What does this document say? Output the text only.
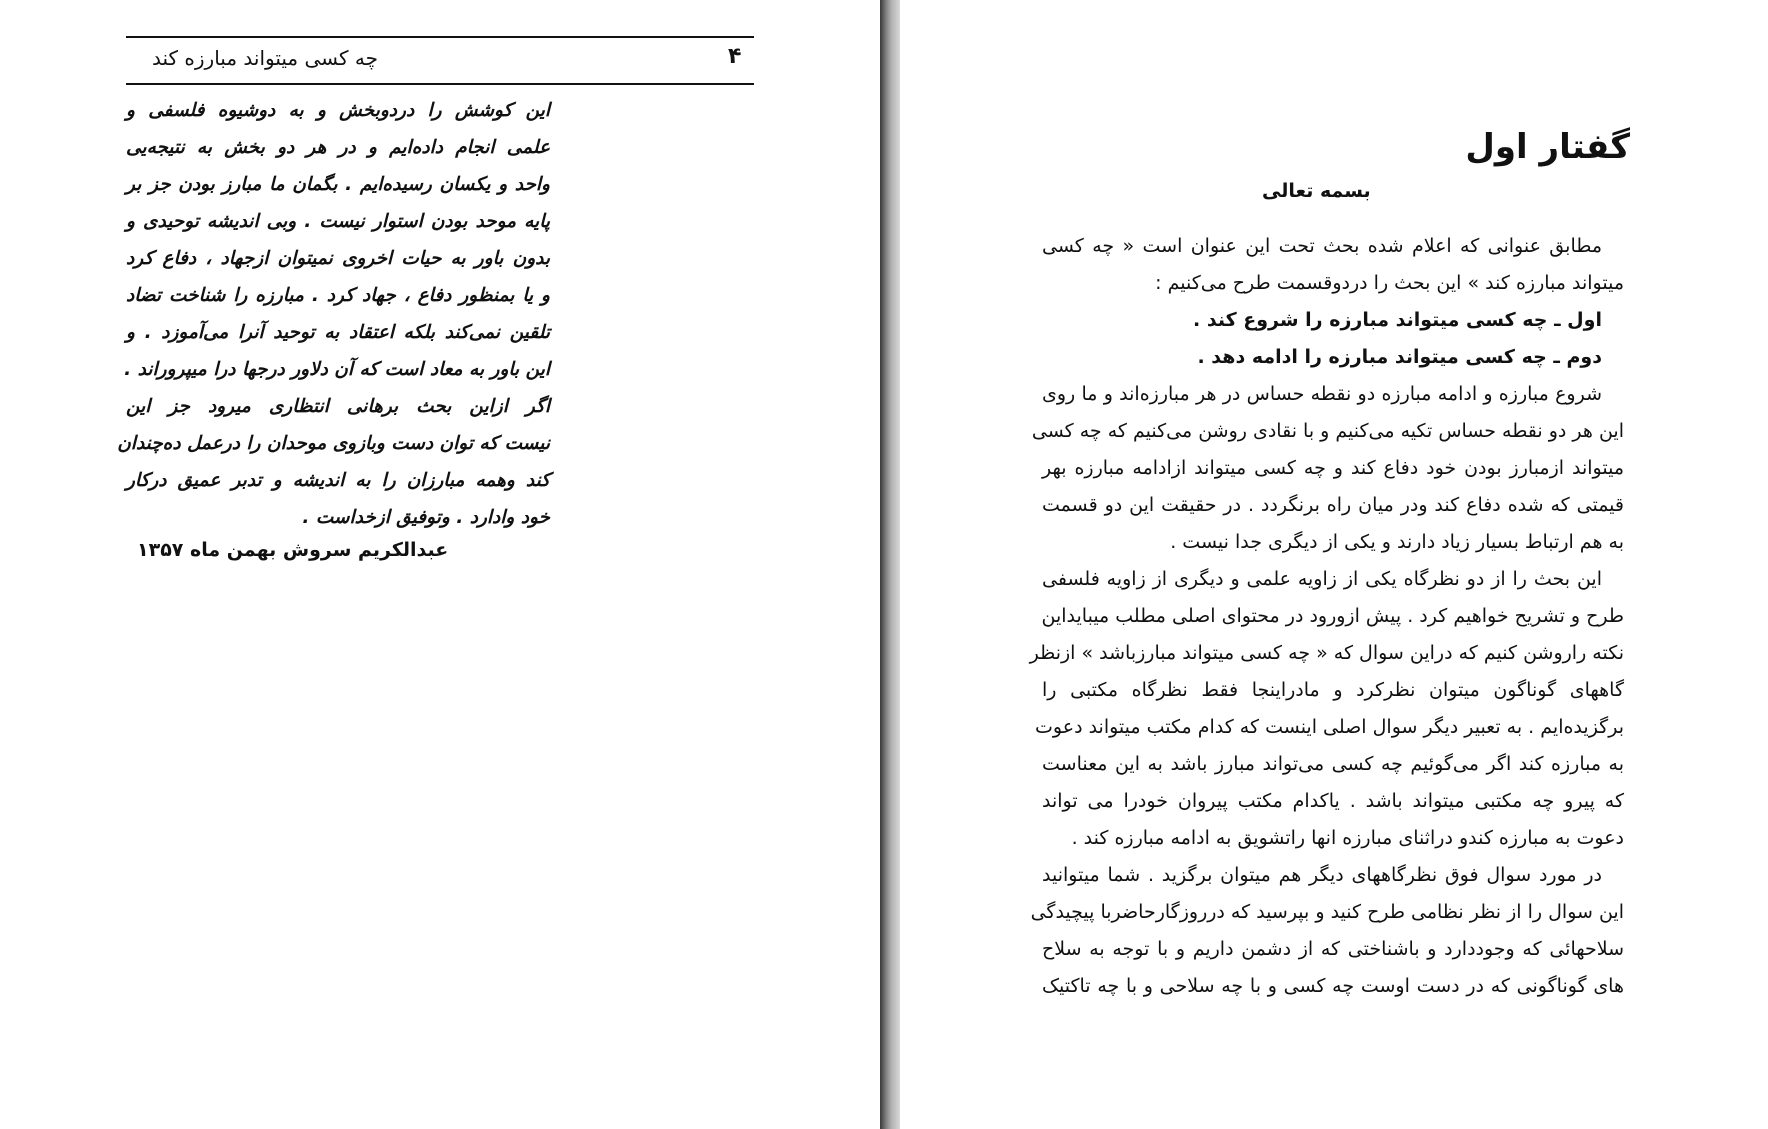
چه کسی میتواند مبارزه کند	۴
این کوشش را دردوبخش و به دوشیوه فلسفی و
علمی انجام داده‌ایم و در هر دو بخش به نتیجه‌یی
واحد و یکسان رسیده‌ایم . بگمان ما مبارز بودن جز بر
پایه موحد بودن استوار نیست . وبی اندیشه توحیدی و
بدون باور به حیات اخروی نمیتوان ازجهاد ، دفاع کرد
و یا بمنظور دفاع ، جهاد کرد . مبارزه را شناخت تضاد
تلقین نمی‌کند بلکه اعتقاد به توحید آنرا می‌آموزد . و
این باور به معاد است که آن دلاور درجها درا میپروراند .
اگر ازاین بحث برهانی انتظاری میرود جز این
نیست که توان دست وبازوی موحدان را درعمل ده‌چندان
کند وهمه مبارزان را به اندیشه و تدبر عمیق درکار
خود وادارد . وتوفیق ازخداست .
عبدالکریم سروش بهمن ماه ۱۳۵۷
گفتار اول
بسمه تعالی
مطابق عنوانی که اعلام شده بحث تحت این عنوان است « چه کسی
میتواند مبارزه کند » این بحث را دردوقسمت طرح می‌کنیم :
اول ـ چه کسی میتواند مبارزه را شروع کند .
دوم ـ چه کسی میتواند مبارزه را ادامه دهد .
شروع مبارزه و ادامه مبارزه دو نقطه حساس در هر مبارزه‌اند و ما روی
این هر دو نقطه حساس تکیه می‌کنیم و با نقادی روشن می‌کنیم که چه کسی
میتواند ازمبارز بودن خود دفاع کند و چه کسی میتواند ازادامه مبارزه بهر
قیمتی که شده دفاع کند ودر میان راه برنگردد . در حقیقت این دو قسمت
به هم ارتباط بسیار زیاد دارند و یکی از دیگری جدا نیست .
این بحث را از دو نظرگاه یکی از زاویه علمی و دیگری از زاویه فلسفی
طرح و تشریح خواهیم کرد . پیش ازورود در محتوای اصلی مطلب میبایداین
نکته راروشن کنیم که دراین سوال که « چه کسی میتواند مبارزباشد » ازنظر
گاههای گوناگون میتوان نظرکرد و مادراینجا فقط نظرگاه مکتبی را
برگزیده‌ایم . به تعبیر دیگر سوال اصلی اینست که کدام مکتب میتواند دعوت
به مبارزه کند اگر می‌گوئیم چه کسی می‌تواند مبارز باشد به این معناست
که پیرو چه مکتبی میتواند باشد . یاکدام مکتب پیروان خودرا می تواند
دعوت به مبارزه کندو دراثنای مبارزه انها راتشویق به ادامه مبارزه کند .
در مورد سوال فوق نظرگاههای دیگر هم میتوان برگزید . شما میتوانید
این سوال را از نظر نظامی طرح کنید و بپرسید که درروزگارحاضربا پیچیدگی
سلاحهائی که وجوددارد و باشناختی که از دشمن داریم و با توجه به سلاح‌
های گوناگونی که در دست اوست چه کسی و با چه سلاحی و با چه تاکتیک
